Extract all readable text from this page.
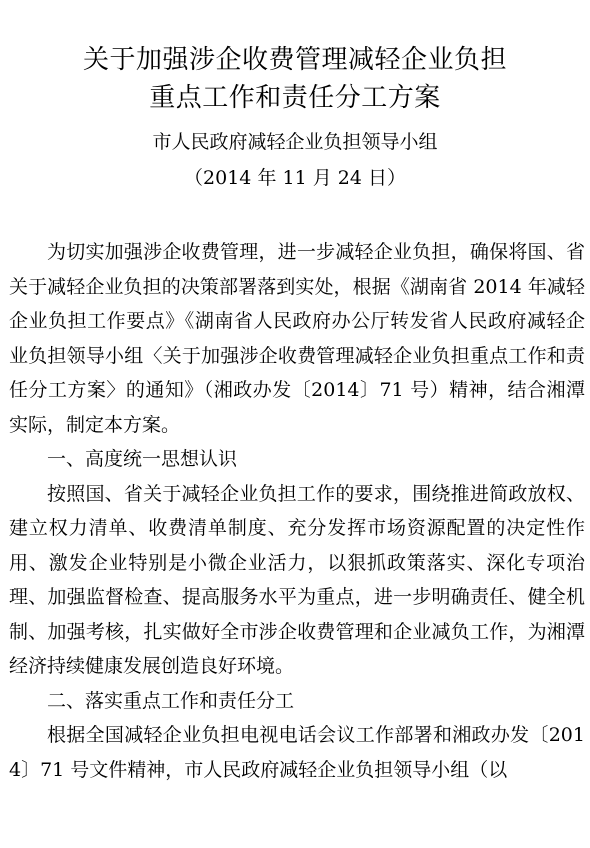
关于加强涉企收费管理减轻企业负担
重点工作和责任分工方案
市人民政府减轻企业负担领导小组
（2014 年 11 月 24 日）

为切实加强涉企收费管理，进一步减轻企业负担，确保将国、省关于减轻企业负担的决策部署落到实处，根据《湖南省 2014 年减轻企业负担工作要点》《湖南省人民政府办公厅转发省人民政府减轻企业负担领导小组〈关于加强涉企收费管理减轻企业负担重点工作和责任分工方案〉的通知》（湘政办发〔2014〕71 号）精神，结合湘潭实际，制定本方案。

一、高度统一思想认识

按照国、省关于减轻企业负担工作的要求，围绕推进简政放权、建立权力清单、收费清单制度、充分发挥市场资源配置的决定性作用、激发企业特别是小微企业活力，以狠抓政策落实、深化专项治理、加强监督检查、提高服务水平为重点，进一步明确责任、健全机制、加强考核，扎实做好全市涉企收费管理和企业减负工作，为湘潭经济持续健康发展创造良好环境。

二、落实重点工作和责任分工

根据全国减轻企业负担电视电话会议工作部署和湘政办发〔2014〕71 号文件精神，市人民政府减轻企业负担领导小组（以
